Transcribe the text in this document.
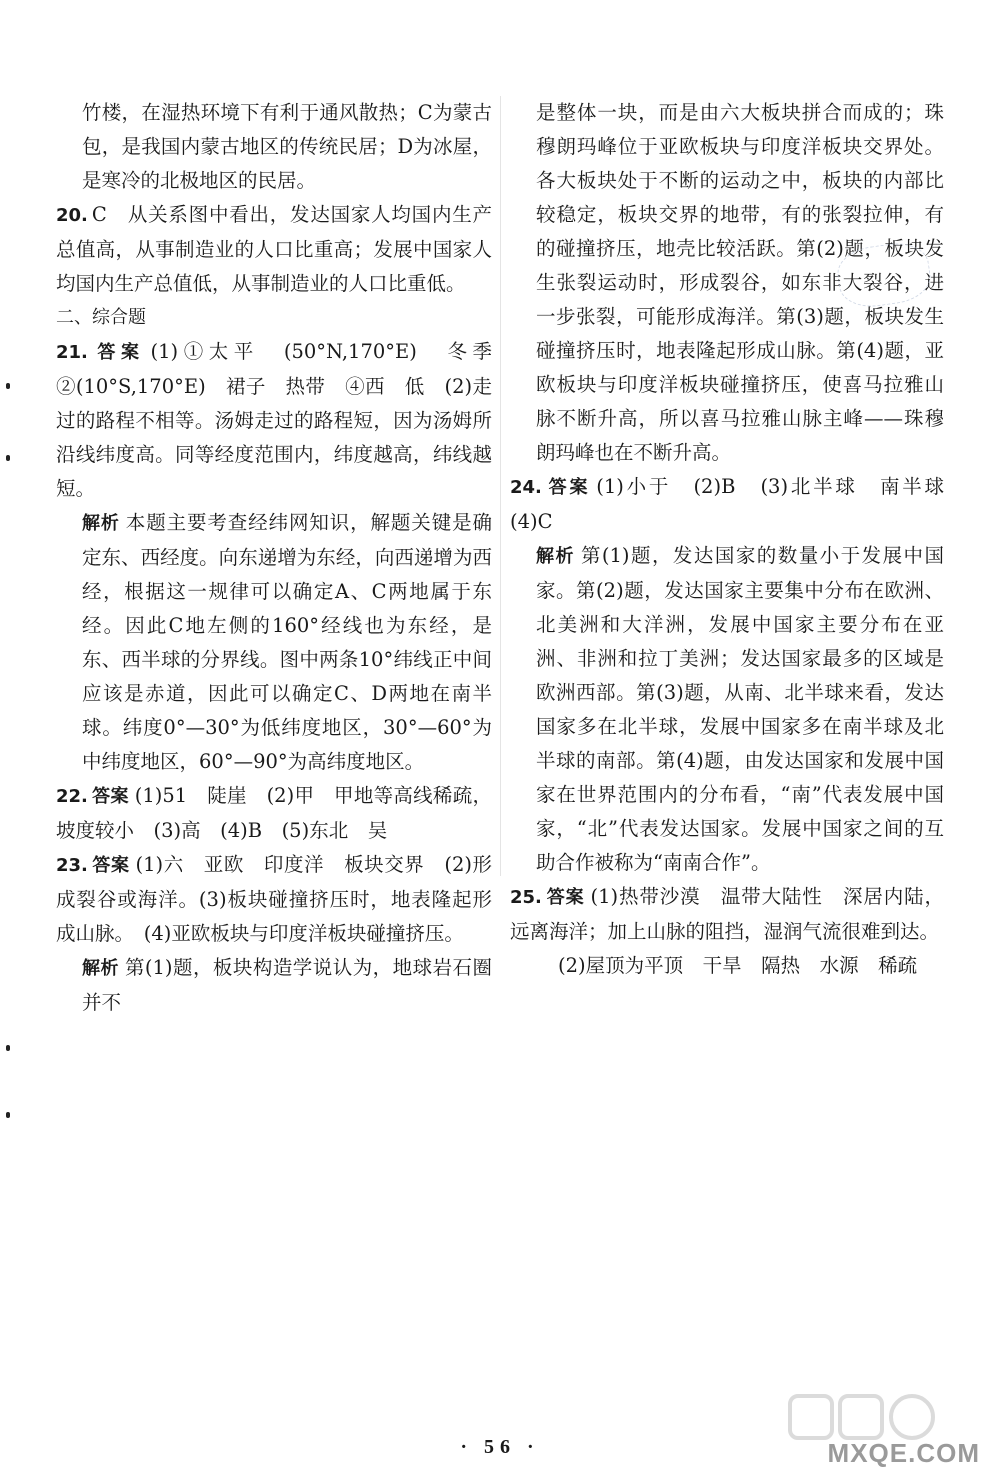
竹楼，在湿热环境下有利于通风散热；C为蒙古包，是我国内蒙古地区的传统民居；D为冰屋，是寒冷的北极地区的民居。

20. C　从关系图中看出，发达国家人均国内生产总值高，从事制造业的人口比重高；发展中国家人均国内生产总值低，从事制造业的人口比重低。

二、综合题

21. 答案 (1)①太平　(50°N,170°E)　冬季　②(10°S,170°E)　裙子　热带　④西　低　(2)走过的路程不相等。汤姆走过的路程短，因为汤姆所沿线纬度高。同等经度范围内，纬度越高，纬线越短。

解析 本题主要考查经纬网知识，解题关键是确定东、西经度。向东递增为东经，向西递增为西经，根据这一规律可以确定A、C两地属于东经。因此C地左侧的160°经线也为东经，是东、西半球的分界线。图中两条10°纬线正中间应该是赤道，因此可以确定C、D两地在南半球。纬度0°—30°为低纬度地区，30°—60°为中纬度地区，60°—90°为高纬度地区。

22. 答案 (1)51　陡崖　(2)甲　甲地等高线稀疏，坡度较小　(3)高　(4)B　(5)东北　吴

23. 答案 (1)六　亚欧　印度洋　板块交界　(2)形成裂谷或海洋。(3)板块碰撞挤压时，地表隆起形成山脉。　(4)亚欧板块与印度洋板块碰撞挤压。

解析 第(1)题，板块构造学说认为，地球岩石圈并不

是整体一块，而是由六大板块拼合而成的；珠穆朗玛峰位于亚欧板块与印度洋板块交界处。各大板块处于不断的运动之中，板块的内部比较稳定，板块交界的地带，有的张裂拉伸，有的碰撞挤压，地壳比较活跃。第(2)题，板块发生张裂运动时，形成裂谷，如东非大裂谷，进一步张裂，可能形成海洋。第(3)题，板块发生碰撞挤压时，地表隆起形成山脉。第(4)题，亚欧板块与印度洋板块碰撞挤压，使喜马拉雅山脉不断升高，所以喜马拉雅山脉主峰——珠穆朗玛峰也在不断升高。

24. 答案 (1)小于　(2)B　(3)北半球　南半球　(4)C

解析 第(1)题，发达国家的数量小于发展中国家。第(2)题，发达国家主要集中分布在欧洲、北美洲和大洋洲，发展中国家主要分布在亚洲、非洲和拉丁美洲；发达国家最多的区域是欧洲西部。第(3)题，从南、北半球来看，发达国家多在北半球，发展中国家多在南半球及北半球的南部。第(4)题，由发达国家和发展中国家在世界范围内的分布看，“南”代表发展中国家，“北”代表发达国家。发展中国家之间的互助合作被称为“南南合作”。

25. 答案 (1)热带沙漠　温带大陆性　深居内陆，远离海洋；加上山脉的阻挡，湿润气流很难到达。

(2)屋顶为平顶　干旱　隔热　水源　稀疏

· 56 ·	MXQE.COM
